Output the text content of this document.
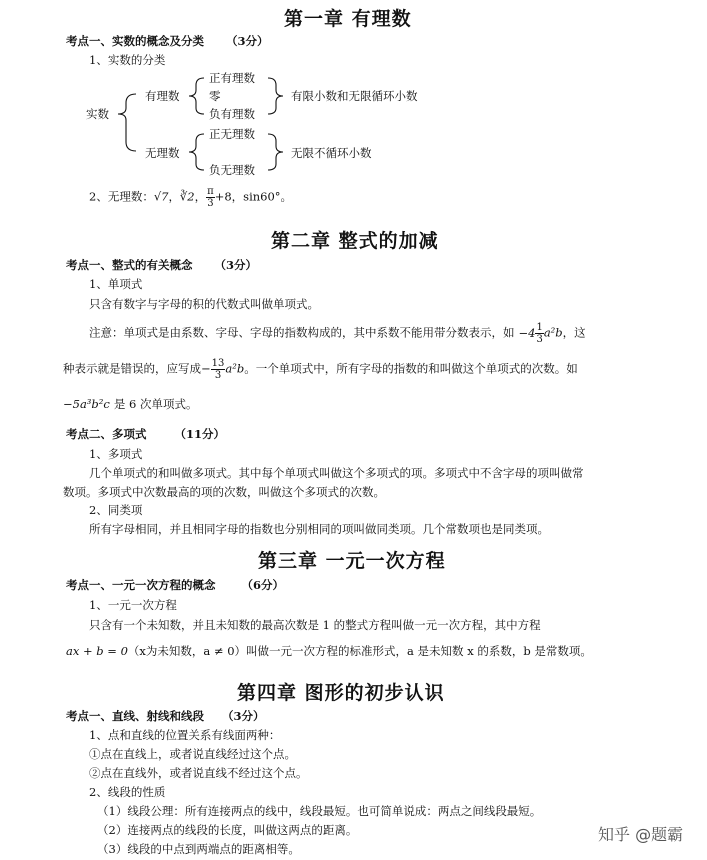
第一章 有理数
考点一、实数的概念及分类 （3分）
1、实数的分类
实数
有理数
无理数
正有理数
零
负有理数
正无理数
负无理数
有限小数和无限循环小数
无限不循环小数
2、无理数：√7，∛2， $\frac{\pi}{3} +8$，sin60°。
第二章 整式的加减
考点一、整式的有关概念 （3分）
1、单项式
只含有数字与字母的积的代数式叫做单项式。
注意：单项式是由系数、字母、字母的指数构成的，其中系数不能用带分数表示，如 $-4 \frac{1}{3} a^2b$，这
种表示就是错误的，应写成− $\frac{13}{3} a^2b$。一个单项式中，所有字母的指数的和叫做这个单项式的次数。如
−5a³b²c 是 6 次单项式。
考点二、多项式 （11分）
1、多项式
几个单项式的和叫做多项式。其中每个单项式叫做这个多项式的项。多项式中不含字母的项叫做常
数项。多项式中次数最高的项的次数，叫做这个多项式的次数。
2、同类项
所有字母相同，并且相同字母的指数也分别相同的项叫做同类项。几个常数项也是同类项。
第三章 一元一次方程
考点一、一元一次方程的概念 （6分）
1、一元一次方程
只含有一个未知数，并且未知数的最高次数是 1 的整式方程叫做一元一次方程，其中方程
ax + b = 0（x为未知数，a ≠ 0）叫做一元一次方程的标准形式，a 是未知数 x 的系数，b 是常数项。
第四章 图形的初步认识
考点一、直线、射线和线段 （3分）
1、点和直线的位置关系有线面两种：
①点在直线上，或者说直线经过这个点。
②点在直线外，或者说直线不经过这个点。
2、线段的性质
（1）线段公理：所有连接两点的线中，线段最短。也可简单说成：两点之间线段最短。
（2）连接两点的线段的长度，叫做这两点的距离。
（3）线段的中点到两端点的距离相等。
知乎 @题霸
